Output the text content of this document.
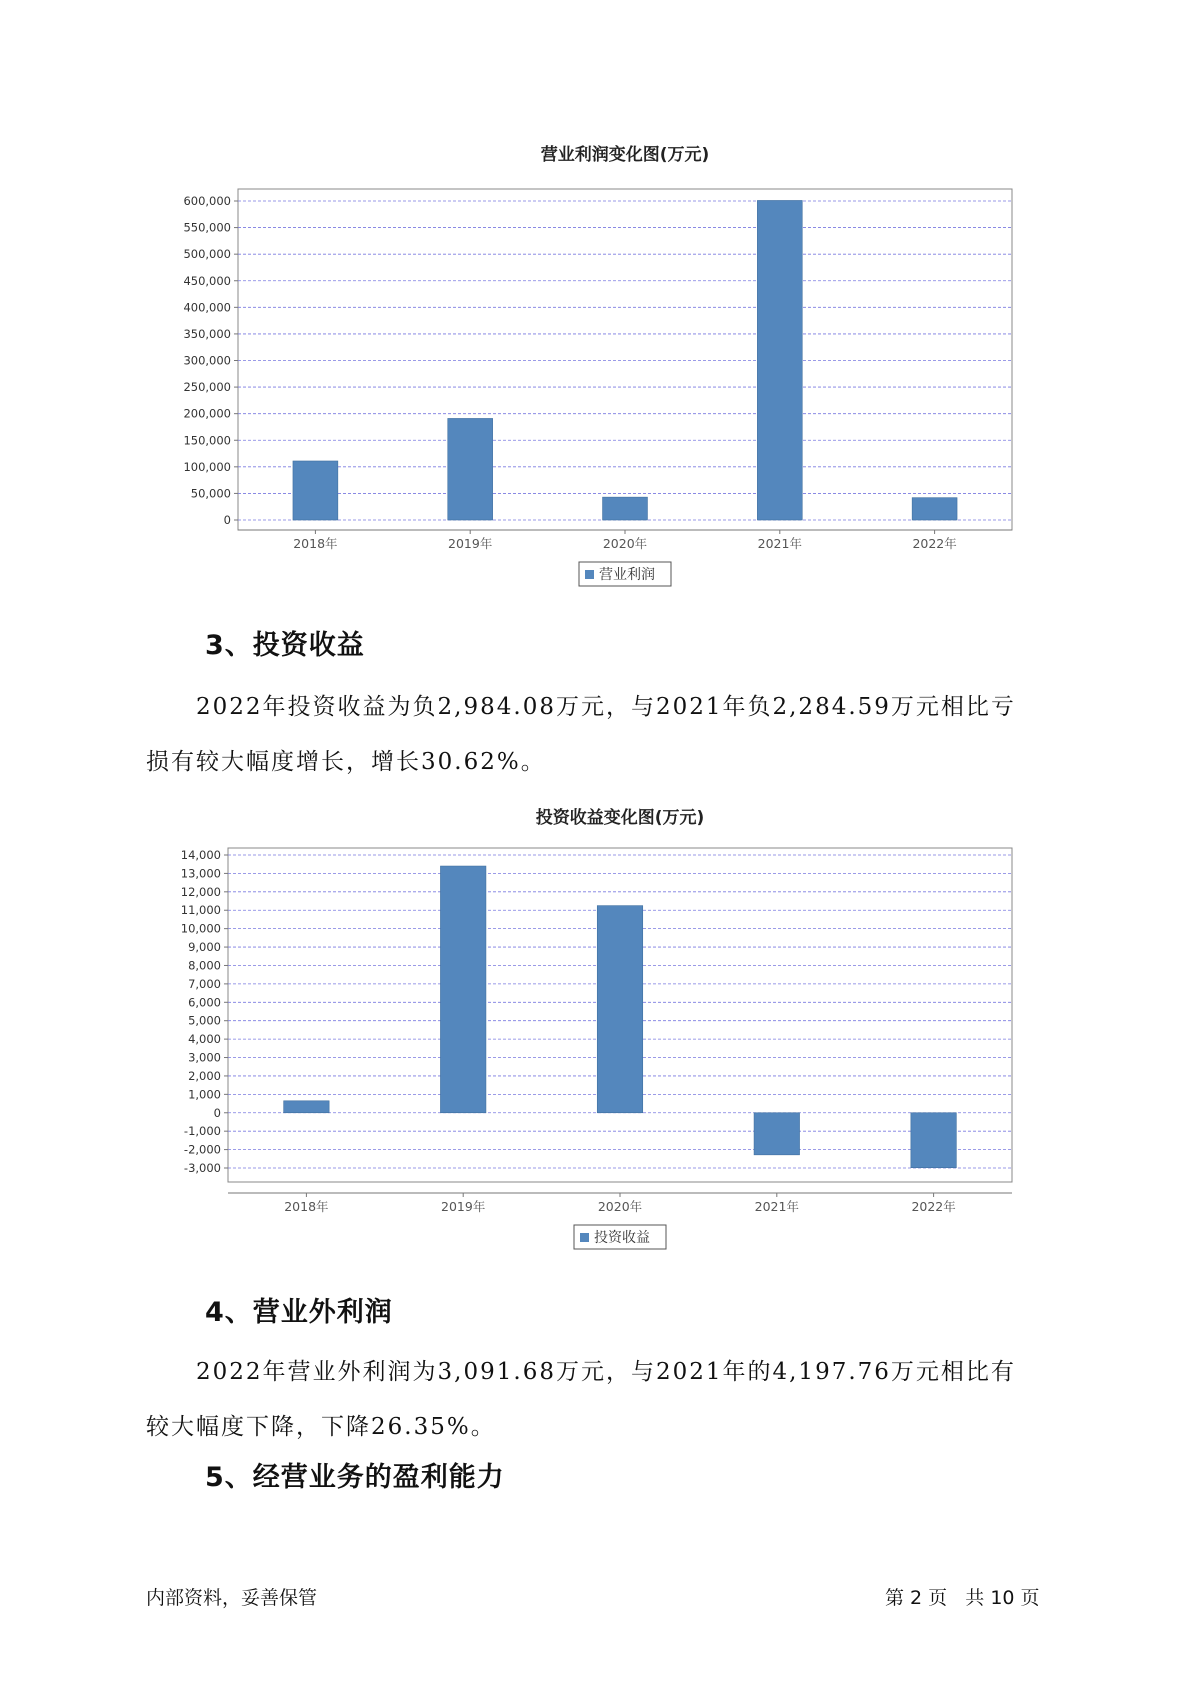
营业利润变化图(万元)
0
50,000
100,000
150,000
200,000
250,000
300,000
350,000
400,000
450,000
500,000
550,000
600,000
2018年	2019年	2020年	2021年	2022年
营业利润
3、投资收益

2022年投资收益为负2,984.08万元，与2021年负2,284.59万元相比亏
损有较大幅度增长，增长30.62%。

投资收益变化图(万元)
-3,000
-2,000
-1,000
0
1,000
2,000
3,000
4,000
5,000
6,000
7,000
8,000
9,000
10,000
11,000
12,000
13,000
14,000
2018年	2019年	2020年	2021年	2022年
投资收益
4、营业外利润

2022年营业外利润为3,091.68万元，与2021年的4,197.76万元相比有
较大幅度下降，下降26.35%。

5、经营业务的盈利能力
内部资料，妥善保管	第 2 页   共 10 页
